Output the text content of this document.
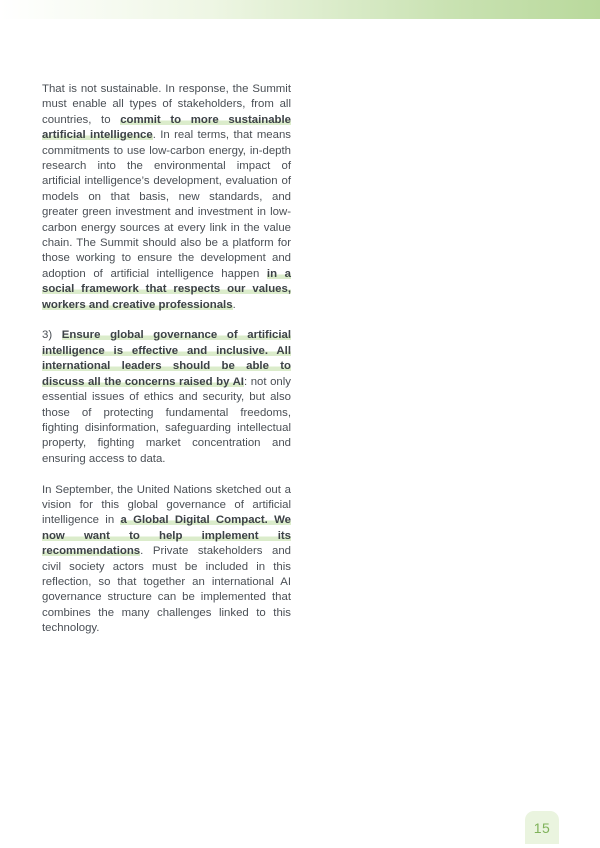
That is not sustainable. In response, the Summit must enable all types of stakeholders, from all countries, to commit to more sustainable artificial intelligence. In real terms, that means commitments to use low-carbon energy, in-depth research into the environmental impact of artificial intelligence’s development, evaluation of models on that basis, new standards, and greater green investment and investment in low-carbon energy sources at every link in the value chain. The Summit should also be a platform for those working to ensure the development and adoption of artificial intelligence happen in a social framework that respects our values, workers and creative professionals.

3) Ensure global governance of artificial intelligence is effective and inclusive. All international leaders should be able to discuss all the concerns raised by AI: not only essential issues of ethics and security, but also those of protecting fundamental freedoms, fighting disinformation, safeguarding intellectual property, fighting market concentration and ensuring access to data.

In September, the United Nations sketched out a vision for this global governance of artificial intelligence in a Global Digital Compact. We now want to help implement its recommendations. Private stakeholders and civil society actors must be included in this reflection, so that together an international AI governance structure can be implemented that combines the many challenges linked to this technology.

15
